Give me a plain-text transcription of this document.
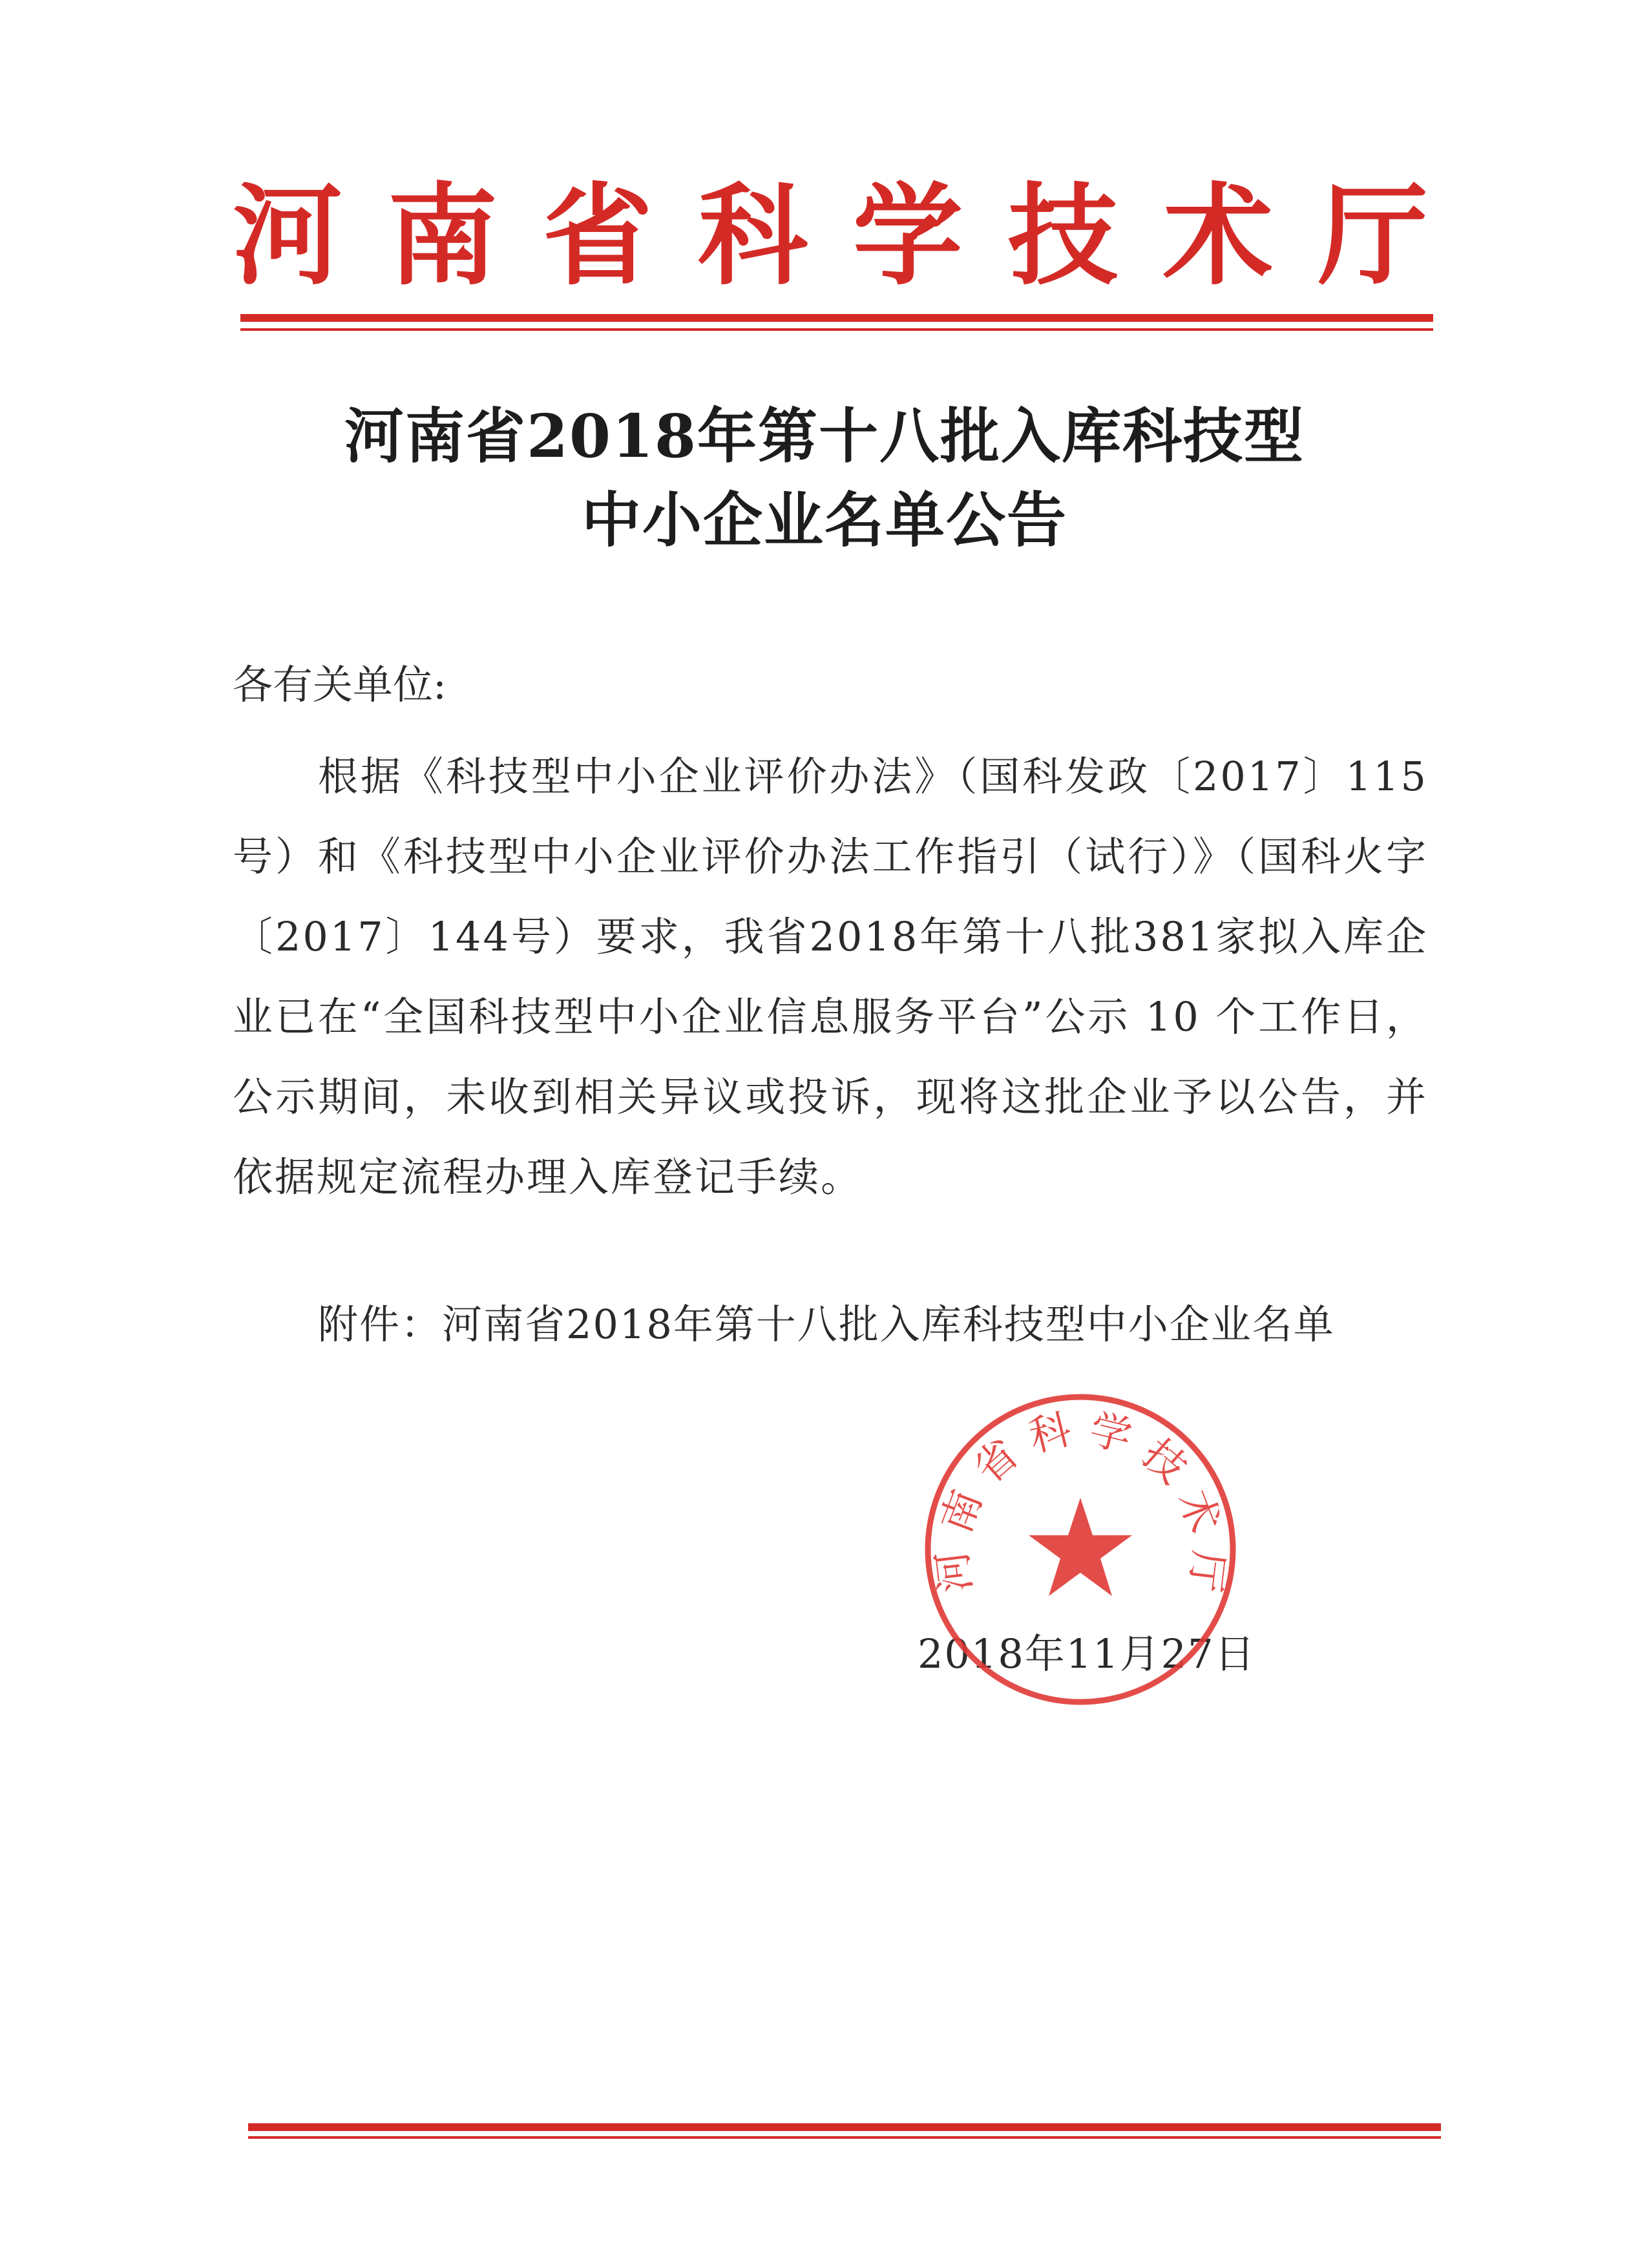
河 南 省 科 学 技 术 厅
河南省2018年第十八批入库科技型
中小企业名单公告
各有关单位:
根据《科技型中小企业评价办法》（国科发政〔2017〕115号）和《科技型中小企业评价办法工作指引（试行）》（国科火字〔2017〕144号）要求，我省2018年第十八批381家拟入库企业已在“全国科技型中小企业信息服务平台”公示 10 个工作日，公示期间，未收到相关异议或投诉，现将这批企业予以公告，并依据规定流程办理入库登记手续。
附件：河南省2018年第十八批入库科技型中小企业名单
2018年11月27日
河 南 省 科 学 技 术 厅
